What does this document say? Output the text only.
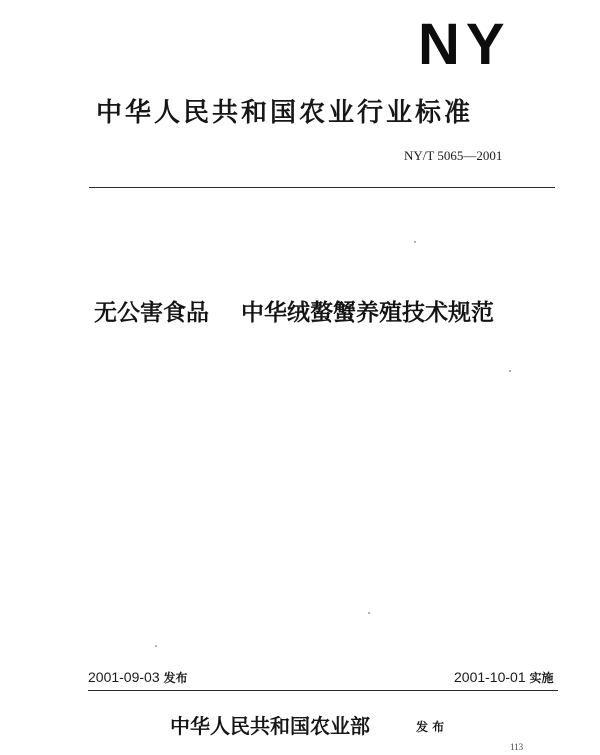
NY
中华人民共和国农业行业标准
NY/T 5065—2001
无公害食品 中华绒螯蟹养殖技术规范
2001-09-03 发布	2001-10-01 实施
中华人民共和国农业部	发 布
113
